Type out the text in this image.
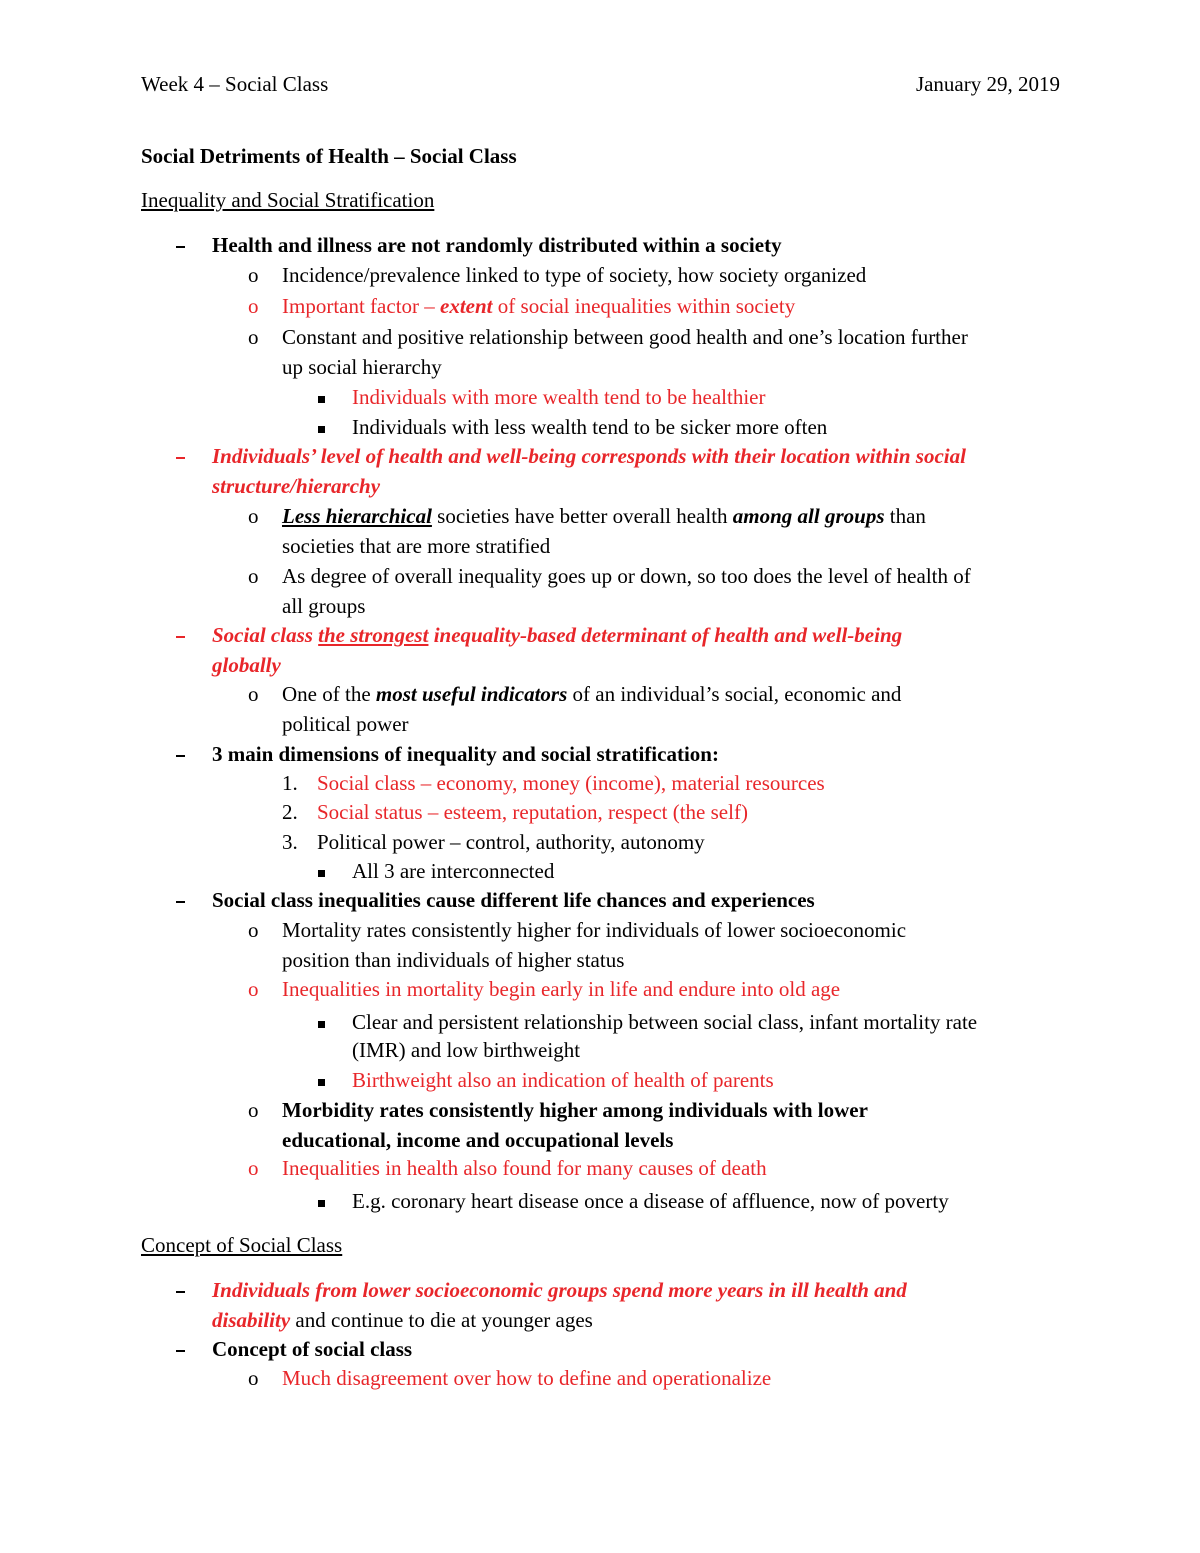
Week 4 – Social Class	January 29, 2019
Social Detriments of Health – Social Class
Inequality and Social Stratification
Health and illness are not randomly distributed within a society
o Incidence/prevalence linked to type of society, how society organized
o Important factor – extent of social inequalities within society
o Constant and positive relationship between good health and one’s location further
up social hierarchy
Individuals with more wealth tend to be healthier
Individuals with less wealth tend to be sicker more often
Individuals’ level of health and well-being corresponds with their location within social
structure/hierarchy
o Less hierarchical societies have better overall health among all groups than
societies that are more stratified
o As degree of overall inequality goes up or down, so too does the level of health of
all groups
Social class the strongest inequality-based determinant of health and well-being
globally
o One of the most useful indicators of an individual’s social, economic and
political power
3 main dimensions of inequality and social stratification:
1. Social class – economy, money (income), material resources
2. Social status – esteem, reputation, respect (the self)
3. Political power – control, authority, autonomy
All 3 are interconnected
Social class inequalities cause different life chances and experiences
o Mortality rates consistently higher for individuals of lower socioeconomic
position than individuals of higher status
o Inequalities in mortality begin early in life and endure into old age
Clear and persistent relationship between social class, infant mortality rate
(IMR) and low birthweight
Birthweight also an indication of health of parents
o Morbidity rates consistently higher among individuals with lower
educational, income and occupational levels
o Inequalities in health also found for many causes of death
E.g. coronary heart disease once a disease of affluence, now of poverty
Concept of Social Class
Individuals from lower socioeconomic groups spend more years in ill health and
disability and continue to die at younger ages
Concept of social class
o Much disagreement over how to define and operationalize
